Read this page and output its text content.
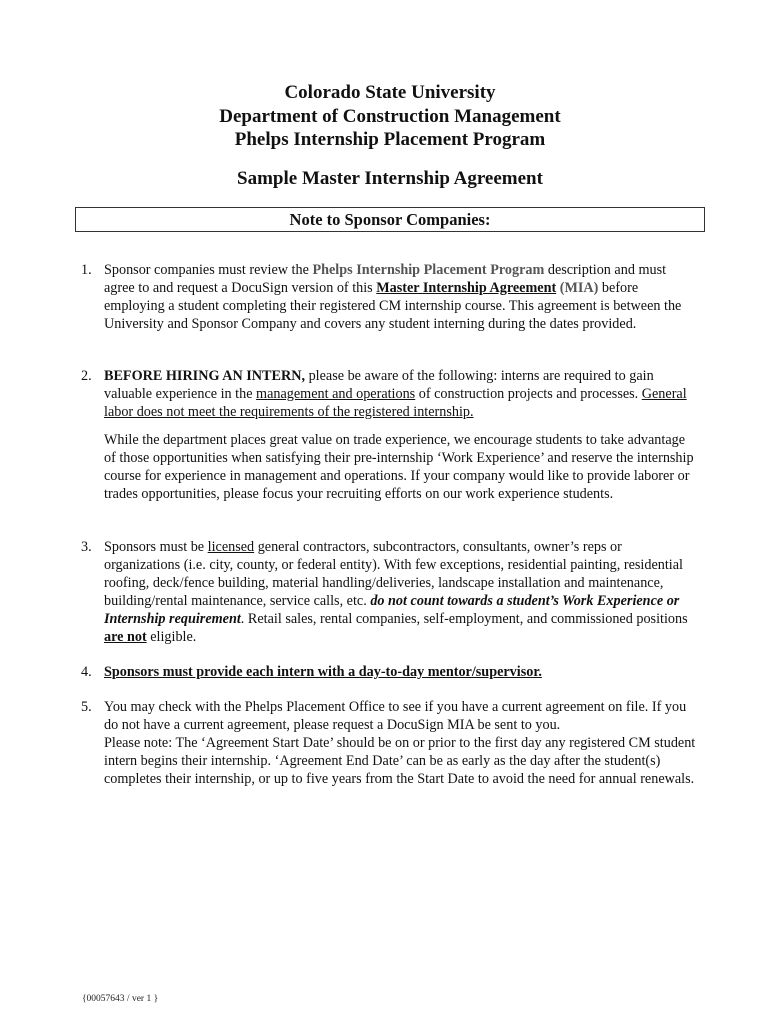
Colorado State University
Department of Construction Management
Phelps Internship Placement Program
Sample Master Internship Agreement
Note to Sponsor Companies:
1. Sponsor companies must review the Phelps Internship Placement Program description and must agree to and request a DocuSign version of this Master Internship Agreement (MIA) before employing a student completing their registered CM internship course. This agreement is between the University and Sponsor Company and covers any student interning during the dates provided.

2. BEFORE HIRING AN INTERN, please be aware of the following: interns are required to gain valuable experience in the management and operations of construction projects and processes. General labor does not meet the requirements of the registered internship.

While the department places great value on trade experience, we encourage students to take advantage of those opportunities when satisfying their pre-internship ‘Work Experience’ and reserve the internship course for experience in management and operations. If your company would like to provide laborer or trades opportunities, please focus your recruiting efforts on our work experience students.

3. Sponsors must be licensed general contractors, subcontractors, consultants, owner’s reps or organizations (i.e. city, county, or federal entity). With few exceptions, residential painting, residential roofing, deck/fence building, material handling/deliveries, landscape installation and maintenance, building/rental maintenance, service calls, etc. do not count towards a student’s Work Experience or Internship requirement. Retail sales, rental companies, self-employment, and commissioned positions are not eligible.

4. Sponsors must provide each intern with a day-to-day mentor/supervisor.

5. You may check with the Phelps Placement Office to see if you have a current agreement on file. If you do not have a current agreement, please request a DocuSign MIA be sent to you.

Please note: The ‘Agreement Start Date’ should be on or prior to the first day any registered CM student intern begins their internship. ‘Agreement End Date’ can be as early as the day after the student(s) completes their internship, or up to five years from the Start Date to avoid the need for annual renewals.
{00057643 / ver 1 }
